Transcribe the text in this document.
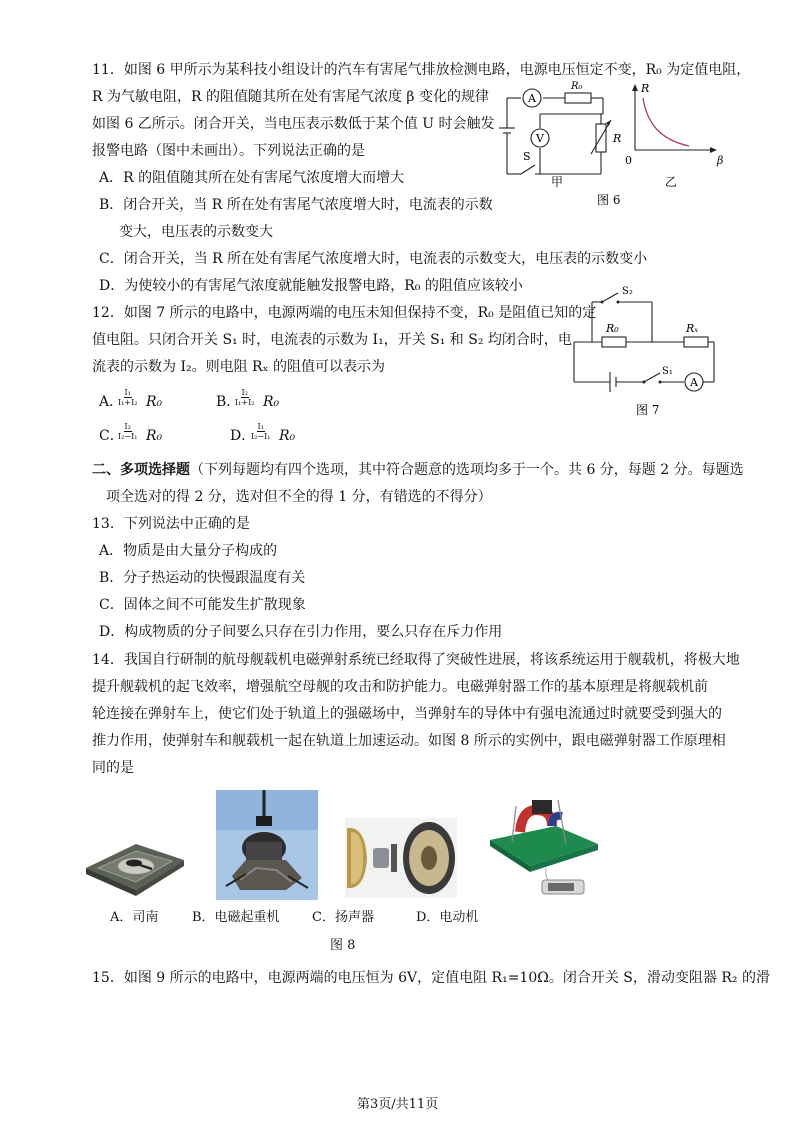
11．如图 6 甲所示为某科技小组设计的汽车有害尾气排放检测电路，电源电压恒定不变，R₀ 为定值电阻，
R 为气敏电阻，R 的阻值随其所在处有害尾气浓度 β 变化的规律
如图 6 乙所示。闭合开关，当电压表示数低于某个值 U 时会触发
报警电路（图中未画出）。下列说法正确的是
A．R 的阻值随其所在处有害尾气浓度增大而增大
B．闭合开关，当 R 所在处有害尾气浓度增大时，电流表的示数
变大，电压表的示数变大
C．闭合开关，当 R 所在处有害尾气浓度增大时，电流表的示数变大，电压表的示数变小
D．为使较小的有害尾气浓度就能触发报警电路，R₀ 的阻值应该较小
A
V
R₀
R
S
R
β
0
甲	乙
图 6
12．如图 7 所示的电路中，电源两端的电压未知但保持不变，R₀ 是阻值已知的定
值电阻。只闭合开关 S₁ 时，电流表的示数为 I₁，开关 S₁ 和 S₂ 均闭合时，电
流表的示数为 I₂。则电阻 Rₓ 的阻值可以表示为
A．
$\frac{\text{I₁}}{\text{I₁+I₂}} R_0$	B．
$\frac{\text{I₂}}{\text{I₁+I₂}} R_0$
C．
$\frac{\text{I₂}}{\text{I₂−I₁}} R_0$	D．
$\frac{\text{I₁}}{\text{I₂−I₁}} R_0$
S₂
S₁
R₀	Rₓ
A
图 7
二、多项选择题（下列每题均有四个选项，其中符合题意的选项均多于一个。共 6 分，每题 2 分。每题选
项全选对的得 2 分，选对但不全的得 1 分，有错选的不得分）
13．下列说法中正确的是
A．物质是由大量分子构成的
B．分子热运动的快慢跟温度有关
C．固体之间不可能发生扩散现象
D．构成物质的分子间要么只存在引力作用，要么只存在斥力作用
14．我国自行研制的航母舰载机电磁弹射系统已经取得了突破性进展，将该系统运用于舰载机，将极大地
提升舰载机的起飞效率，增强航空母舰的攻击和防护能力。电磁弹射器工作的基本原理是将舰载机前
轮连接在弹射车上，使它们处于轨道上的强磁场中，当弹射车的导体中有强电流通过时就要受到强大的
推力作用，使弹射车和舰载机一起在轨道上加速运动。如图 8 所示的实例中，跟电磁弹射器工作原理相
同的是
A．司南	B．电磁起重机 C．扬声器	D．电动机
图 8
15．如图 9 所示的电路中，电源两端的电压恒为 6V，定值电阻 R₁=10Ω。闭合开关 S，滑动变阻器 R₂ 的滑
第3页/共11页
